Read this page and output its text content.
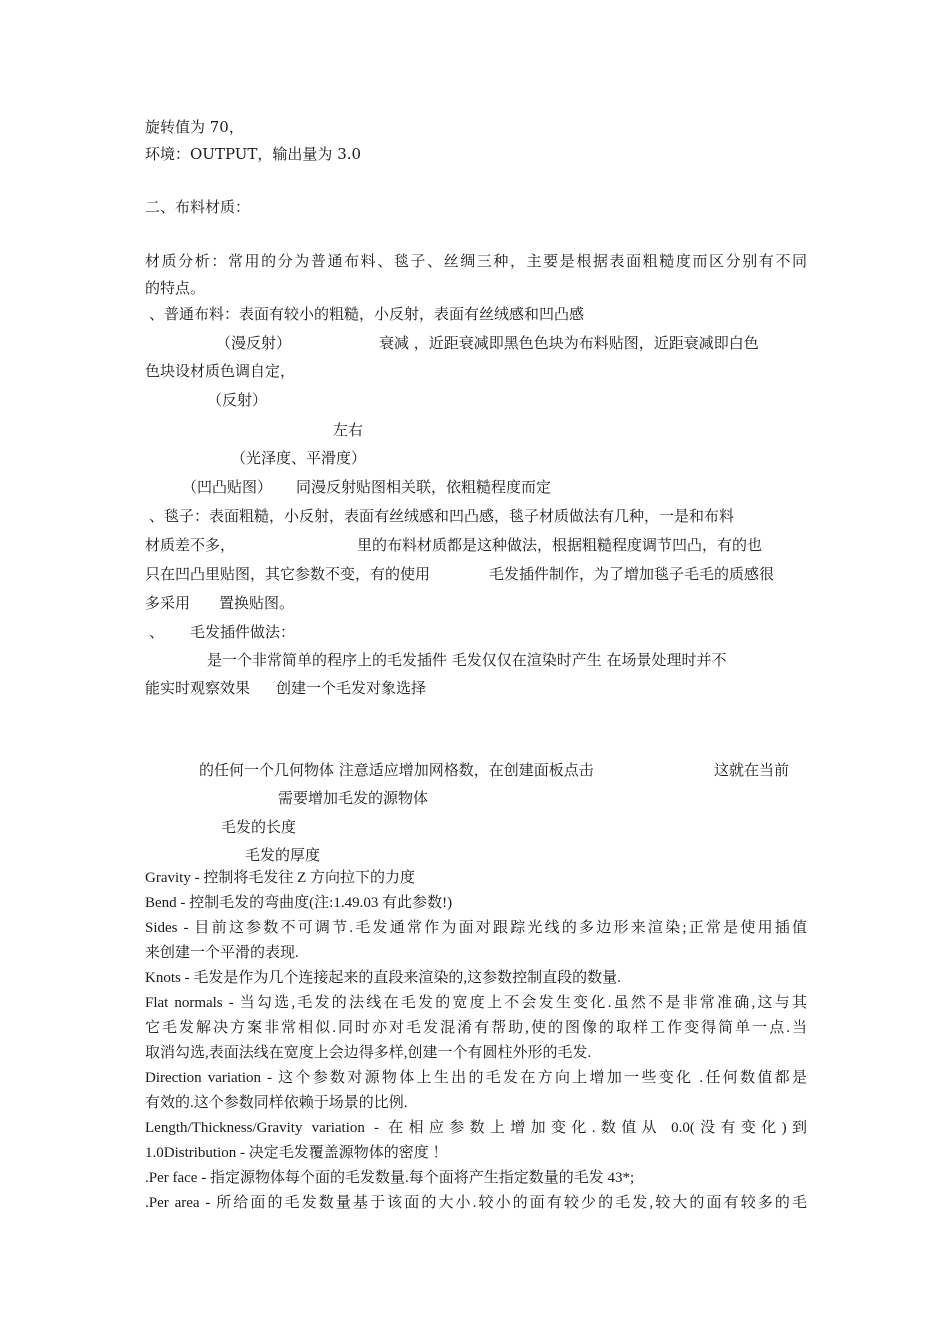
旋转值为 70，

环境：OUTPUT，输出量为 3.0

二、布料材质：

材质分析：常用的分为普通布料、毯子、丝绸三种，主要是根据表面粗糙度而区分别有不同

的特点。

、普通布料：表面有较小的粗糙，小反射，表面有丝绒感和凹凸感

（漫反射）	衰减 ，近距衰减即黑色色块为布料贴图，近距衰减即白色

色块设材质色调自定，

（反射）

左右

（光泽度、平滑度）

（凹凸贴图） 同漫反射贴图相关联，依粗糙程度而定

、毯子：表面粗糙，小反射，表面有丝绒感和凹凸感，毯子材质做法有几种，一是和布料

材质差不多，	里的布料材质都是这种做法，根据粗糙程度调节凹凸，有的也

只在凹凸里贴图，其它参数不变，有的使用	毛发插件制作，为了增加毯子毛毛的质感很

多采用 置换贴图。

、 毛发插件做法：

是一个非常简单的程序上的毛发插件 毛发仅仅在渲染时产生 在场景处理时并不

能实时观察效果 创建一个毛发对象选择

的任何一个几何物体 注意适应增加网格数，在创建面板点击	这就在当前

需要增加毛发的源物体

毛发的长度

毛发的厚度

Gravity - 控制将毛发往 Z 方向拉下的力度

Bend - 控制毛发的弯曲度(注:1.49.03 有此参数!)

Sides - 目前这参数不可调节.毛发通常作为面对跟踪光线的多边形来渲染;正常是使用插值

来创建一个平滑的表现.

Knots - 毛发是作为几个连接起来的直段来渲染的,这参数控制直段的数量.

Flat normals - 当勾选,毛发的法线在毛发的宽度上不会发生变化.虽然不是非常准确,这与其

它毛发解决方案非常相似.同时亦对毛发混淆有帮助,使的图像的取样工作变得简单一点.当

取消勾选,表面法线在宽度上会边得多样,创建一个有圆柱外形的毛发.

Direction variation - 这个参数对源物体上生出的毛发在方向上增加一些变化 .任何数值都是

有效的.这个参数同样依赖于场景的比例.

Length/Thickness/Gravity variation - 在相应参数上增加变化.数值从 0.0(没有变化)到

1.0Distribution - 决定毛发覆盖源物体的密度 ！

.Per face - 指定源物体每个面的毛发数量.每个面将产生指定数量的毛发 43*;

.Per area - 所给面的毛发数量基于该面的大小.较小的面有较少的毛发,较大的面有较多的毛
